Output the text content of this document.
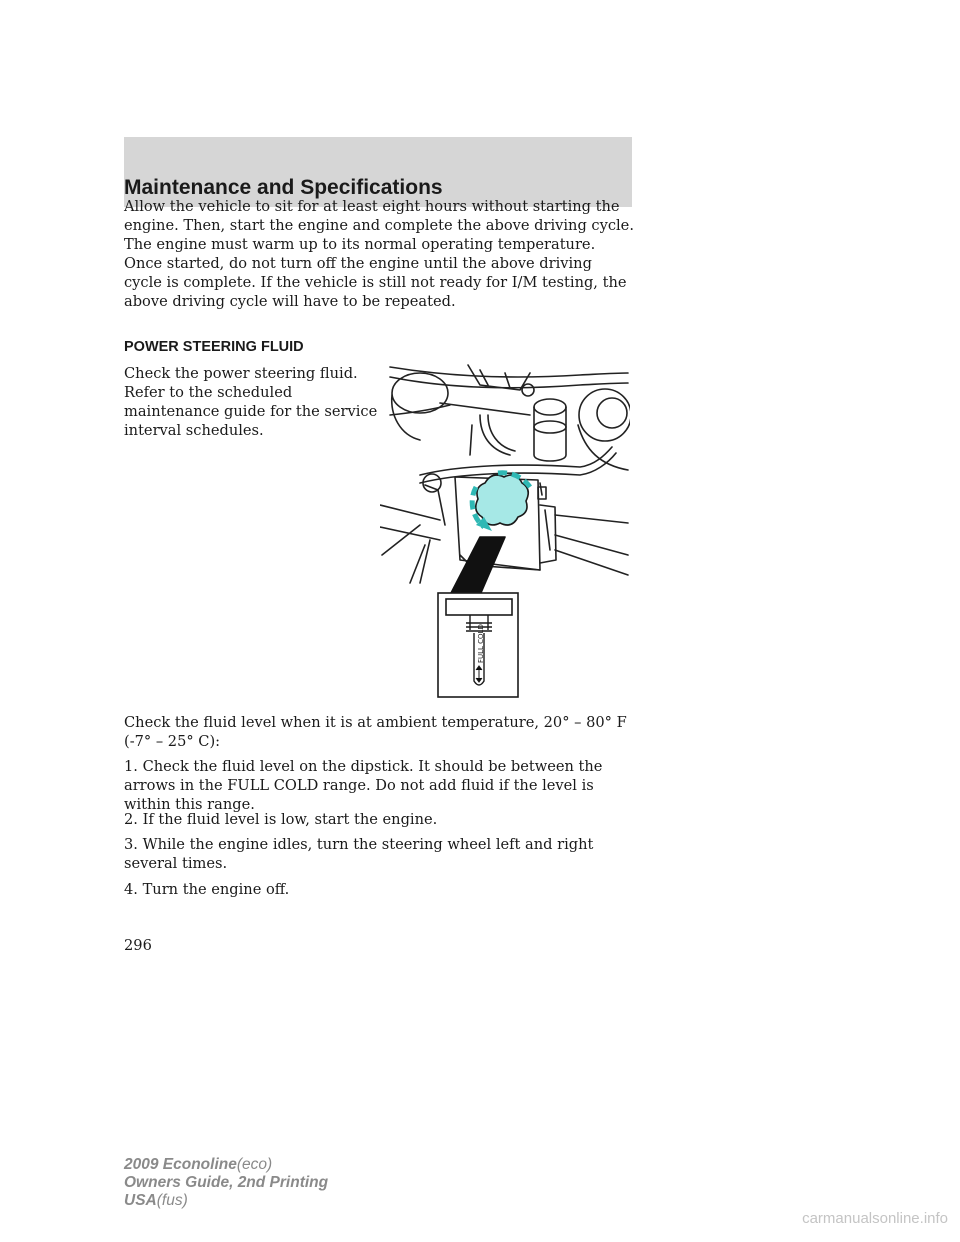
Maintenance and Specifications

Allow the vehicle to sit for at least eight hours without starting the engine. Then, start the engine and complete the above driving cycle. The engine must warm up to its normal operating temperature. Once started, do not turn off the engine until the above driving cycle is complete. If the vehicle is still not ready for I/M testing, the above driving cycle will have to be repeated.

POWER STEERING FLUID

Check the power steering fluid. Refer to the scheduled maintenance guide for the service interval schedules.

FULL COLD

Check the fluid level when it is at ambient temperature, 20° – 80° F (-7° – 25° C):

1. Check the fluid level on the dipstick. It should be between the arrows in the FULL COLD range. Do not add fluid if the level is within this range.

2. If the fluid level is low, start the engine.

3. While the engine idles, turn the steering wheel left and right several times.

4. Turn the engine off.

296
2009 Econoline(eco)
Owners Guide, 2nd Printing
USA(fus)
carmanualsonline.info
